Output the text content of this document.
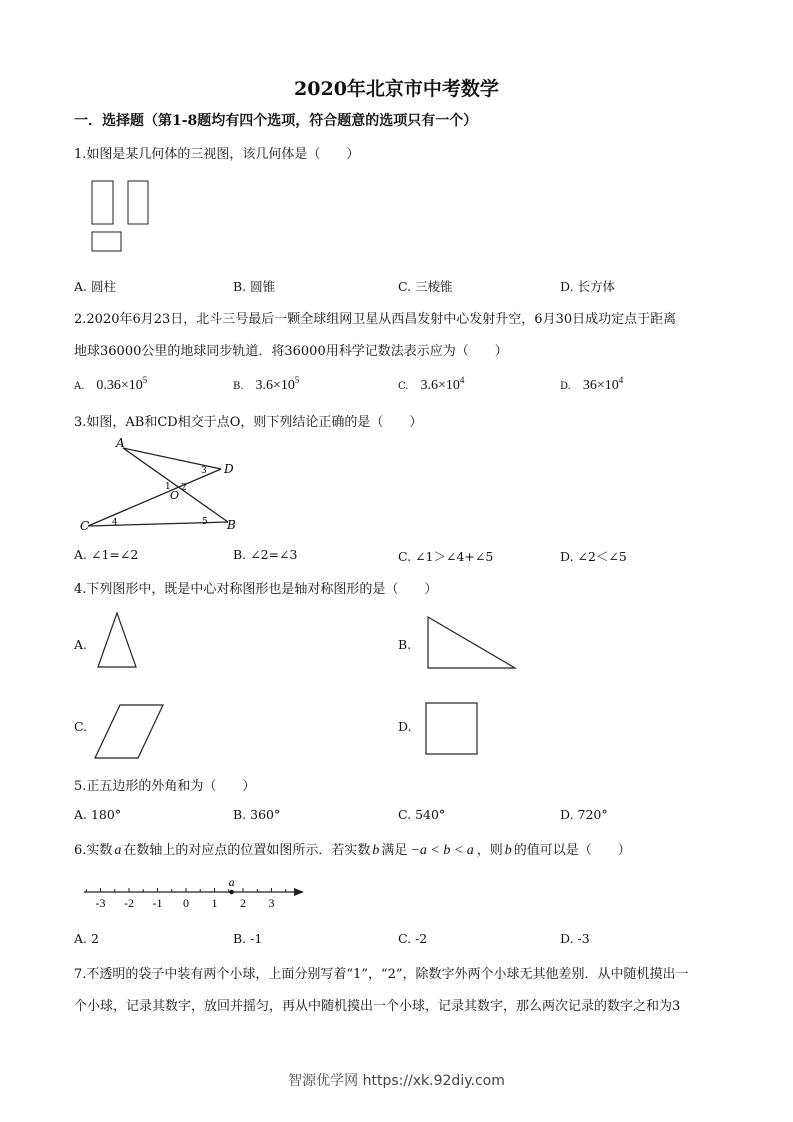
2020年北京市中考数学
一．选择题（第1-8题均有四个选项，符合题意的选项只有一个）
1.如图是某几何体的三视图，该几何体是（　　）
A. 圆柱	B. 圆锥	C. 三棱锥	D. 长方体
2.2020年6月23日，北斗三号最后一颗全球组网卫星从西昌发射中心发射升空，6月30日成功定点于距离
地球36000公里的地球同步轨道．将36000用科学记数法表示应为（　　）
A. $0.36\times 10^5$
B. $3.6\times 10^5$
C. $3.6\times 10^4$
D. $36\times 10^4$
3.如图，AB和CD相交于点O，则下列结论正确的是（　　）
A
D
C	B
O
1 2
3
4	5
A. ∠1=∠2	B. ∠2=∠3	C. ∠1＞∠4+∠5	D. ∠2＜∠5
4.下列图形中，既是中心对称图形也是轴对称图形的是（　　）
A.	B.
C.	D.
5.正五边形的外角和为（　　）
A. 180°	B. 360°	C. 540°	D. 720°
6.实数 a 在数轴上的对应点的位置如图所示．若实数 b 满足 −a < b < a ，则 b 的值可以是（　　）
-3 -2 -1 0 1 2 3
a
A. 2	B. -1	C. -2	D. -3
7.不透明的袋子中装有两个小球，上面分别写着“1”，“2”，除数字外两个小球无其他差别．从中随机摸出一
个小球，记录其数字，放回并摇匀，再从中随机摸出一个小球，记录其数字，那么两次记录的数字之和为3
智源优学网 https://xk.92diy.com
